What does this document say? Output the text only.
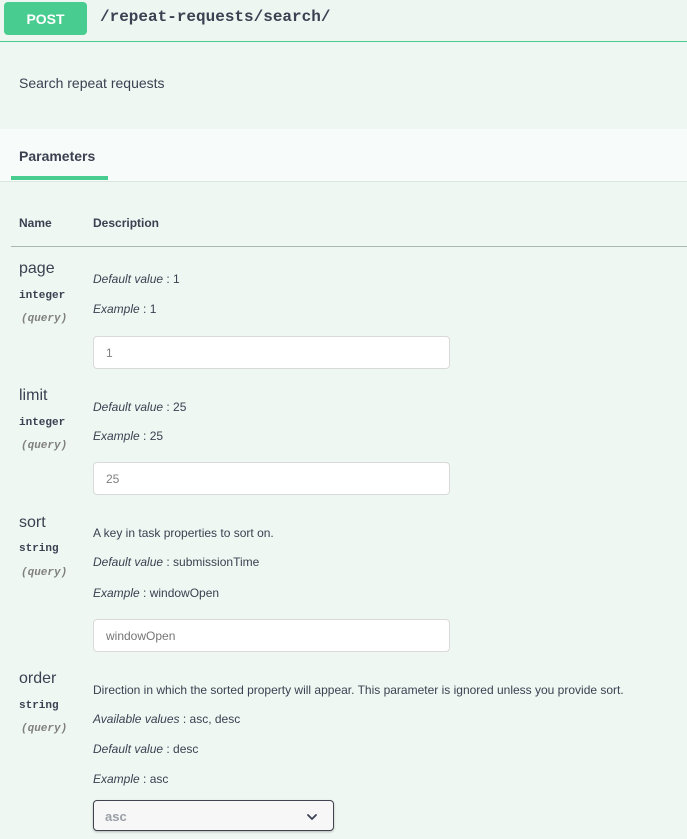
POST	/repeat-requests/search/
Search repeat requests
Parameters
Name	Description
page
integer
(query)
Default value : 1
Example : 1
1
limit
integer
(query)
Default value : 25
Example : 25
25
sort
string
(query)
A key in task properties to sort on.
Default value : submissionTime
Example : windowOpen
windowOpen
order
string
(query)
Direction in which the sorted property will appear. This parameter is ignored unless you provide sort.
Available values : asc, desc
Default value : desc
Example : asc
asc
